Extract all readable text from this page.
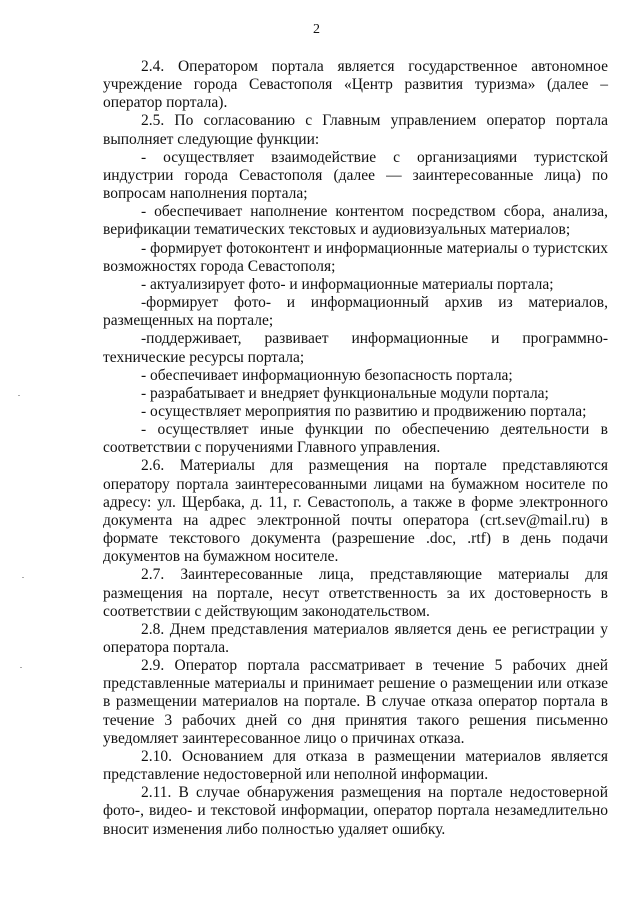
2

2.4. Оператором портала является государственное автономное учреждение города Севастополя «Центр развития туризма» (далее – оператор портала).

2.5. По согласованию с Главным управлением оператор портала выполняет следующие функции:

- осуществляет взаимодействие с организациями туристской индустрии города Севастополя (далее — заинтересованные лица) по вопросам наполнения портала;

- обеспечивает наполнение контентом посредством сбора, анализа, верификации тематических текстовых и аудиовизуальных материалов;

- формирует фотоконтент и информационные материалы о туристских возможностях города Севастополя;

- актуализирует фото- и информационные материалы портала;

-формирует фото- и информационный архив из материалов, размещенных на портале;

-поддерживает, развивает информационные и программно-технические ресурсы портала;

- обеспечивает информационную безопасность портала;

- разрабатывает и внедряет функциональные модули портала;

- осуществляет мероприятия по развитию и продвижению портала;

- осуществляет иные функции по обеспечению деятельности в соответствии с поручениями Главного управления.

2.6. Материалы для размещения на портале представляются оператору портала заинтересованными лицами на бумажном носителе по адресу: ул. Щербака, д. 11, г. Севастополь, а также в форме электронного документа на адрес электронной почты оператора (crt.sev@mail.ru) в формате текстового документа (разрешение .doc, .rtf) в день подачи документов на бумажном носителе.

2.7. Заинтересованные лица, представляющие материалы для размещения на портале, несут ответственность за их достоверность в соответствии с действующим законодательством.

2.8. Днем представления материалов является день ее регистрации у оператора портала.

2.9. Оператор портала рассматривает в течение 5 рабочих дней представленные материалы и принимает решение о размещении или отказе в размещении материалов на портале. В случае отказа оператор портала в течение 3 рабочих дней со дня принятия такого решения письменно уведомляет заинтересованное лицо о причинах отказа.

2.10. Основанием для отказа в размещении материалов является представление недостоверной или неполной информации.

2.11. В случае обнаружения размещения на портале недостоверной фото-, видео- и текстовой информации, оператор портала незамедлительно вносит изменения либо полностью удаляет ошибку.
